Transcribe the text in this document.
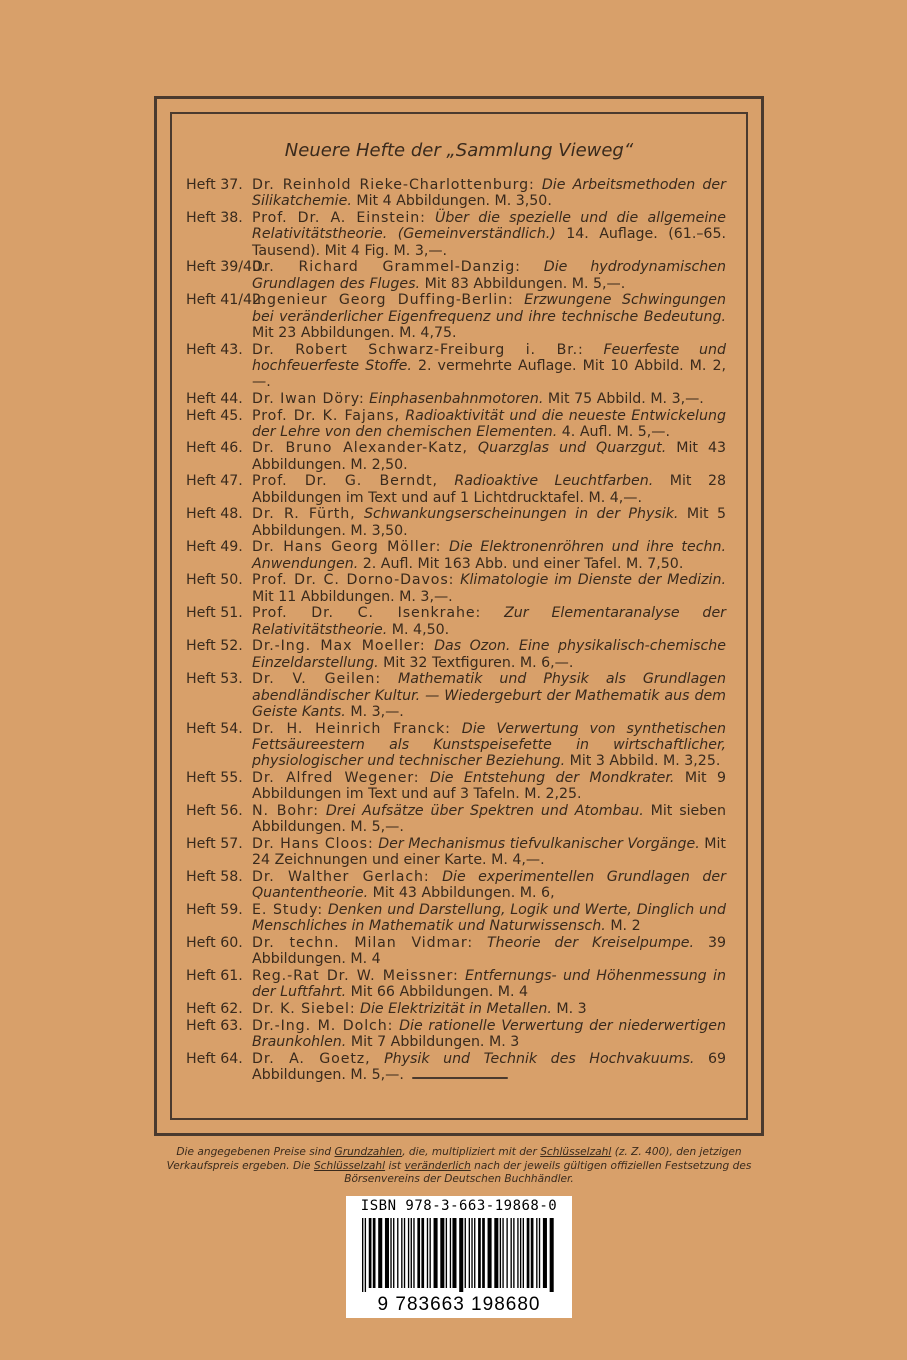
Neuere Hefte der „Sammlung Vieweg“
Heft 37. Dr. Reinhold Rieke-Charlottenburg: Die Arbeitsmethoden der Silikatchemie. Mit 4 Abbildungen. M. 3,50.
Heft 38. Prof. Dr. A. Einstein: Über die spezielle und die allgemeine Relativitätstheorie. (Gemeinverständlich.) 14. Auflage. (61.–65. Tausend). Mit 4 Fig. M. 3,—.
Heft 39/40.
Dr. Richard Grammel-Danzig: Die hydrodynamischen Grundlagen des Fluges. Mit 83 Abbildungen. M. 5,—.
Heft 41/42.
Ingenieur Georg Duffing-Berlin: Erzwungene Schwingungen bei veränderlicher Eigenfrequenz und ihre technische Bedeutung. Mit 23 Abbildungen. M. 4,75.
Heft 43. Dr. Robert Schwarz-Freiburg i. Br.: Feuerfeste und hochfeuerfeste Stoffe. 2. vermehrte Auflage. Mit 10 Abbild. M. 2,—.
Heft 44. Dr. Iwan Döry: Einphasenbahnmotoren. Mit 75 Abbild. M. 3,—.
Heft 45. Prof. Dr. K. Fajans, Radioaktivität und die neueste Entwickelung der Lehre von den chemischen Elementen. 4. Aufl. M. 5,—.
Heft 46. Dr. Bruno Alexander-Katz, Quarzglas und Quarzgut. Mit 43 Abbildungen. M. 2,50.
Heft 47. Prof. Dr. G. Berndt, Radioaktive Leuchtfarben. Mit 28 Abbildungen im Text und auf 1 Lichtdrucktafel. M. 4,—.
Heft 48. Dr. R. Fürth, Schwankungserscheinungen in der Physik. Mit 5 Abbildungen. M. 3,50.
Heft 49. Dr. Hans Georg Möller: Die Elektronenröhren und ihre techn. Anwendungen. 2. Aufl. Mit 163 Abb. und einer Tafel. M. 7,50.
Heft 50. Prof. Dr. C. Dorno-Davos: Klimatologie im Dienste der Medizin. Mit 11 Abbildungen. M. 3,—.
Heft 51. Prof. Dr. C. Isenkrahe: Zur Elementaranalyse der Relativitätstheorie. M. 4,50.
Heft 52. Dr.-Ing. Max Moeller: Das Ozon. Eine physikalisch-chemische Einzeldarstellung. Mit 32 Textfiguren. M. 6,—.
Heft 53. Dr. V. Geilen: Mathematik und Physik als Grundlagen abendländischer Kultur. — Wiedergeburt der Mathematik aus dem Geiste Kants. M. 3,—.
Heft 54. Dr. H. Heinrich Franck: Die Verwertung von synthetischen Fettsäureestern als Kunstspeisefette in wirtschaftlicher, physiologischer und technischer Beziehung. Mit 3 Abbild. M. 3,25.
Heft 55. Dr. Alfred Wegener: Die Entstehung der Mondkrater. Mit 9 Abbildungen im Text und auf 3 Tafeln. M. 2,25.
Heft 56. N. Bohr: Drei Aufsätze über Spektren und Atombau. Mit sieben Abbildungen. M. 5,—.
Heft 57. Dr. Hans Cloos: Der Mechanismus tiefvulkanischer Vorgänge. Mit 24 Zeichnungen und einer Karte. M. 4,—.
Heft 58. Dr. Walther Gerlach: Die experimentellen Grundlagen der Quantentheorie. Mit 43 Abbildungen. M. 6,
Heft 59. E. Study: Denken und Darstellung, Logik und Werte, Dinglich und Menschliches in Mathematik und Naturwissensch. M. 2
Heft 60. Dr. techn. Milan Vidmar: Theorie der Kreiselpumpe. 39 Abbildungen. M. 4
Heft 61. Reg.-Rat Dr. W. Meissner: Entfernungs- und Höhenmessung in der Luftfahrt. Mit 66 Abbildungen. M. 4
Heft 62. Dr. K. Siebel: Die Elektrizität in Metallen. M. 3
Heft 63. Dr.-Ing. M. Dolch: Die rationelle Verwertung der niederwertigen Braunkohlen. Mit 7 Abbildungen. M. 3
Heft 64. Dr. A. Goetz, Physik und Technik des Hochvakuums. 69 Abbildungen. M. 5,—.
Die angegebenen Preise sind Grundzahlen, die, multipliziert mit der Schlüsselzahl (z. Z. 400), den jetzigen Verkaufspreis ergeben. Die Schlüsselzahl ist veränderlich nach der jeweils gültigen offiziellen Festsetzung des Börsenvereins der Deutschen Buchhändler.
ISBN 978-3-663-19868-0
9 783663 198680
